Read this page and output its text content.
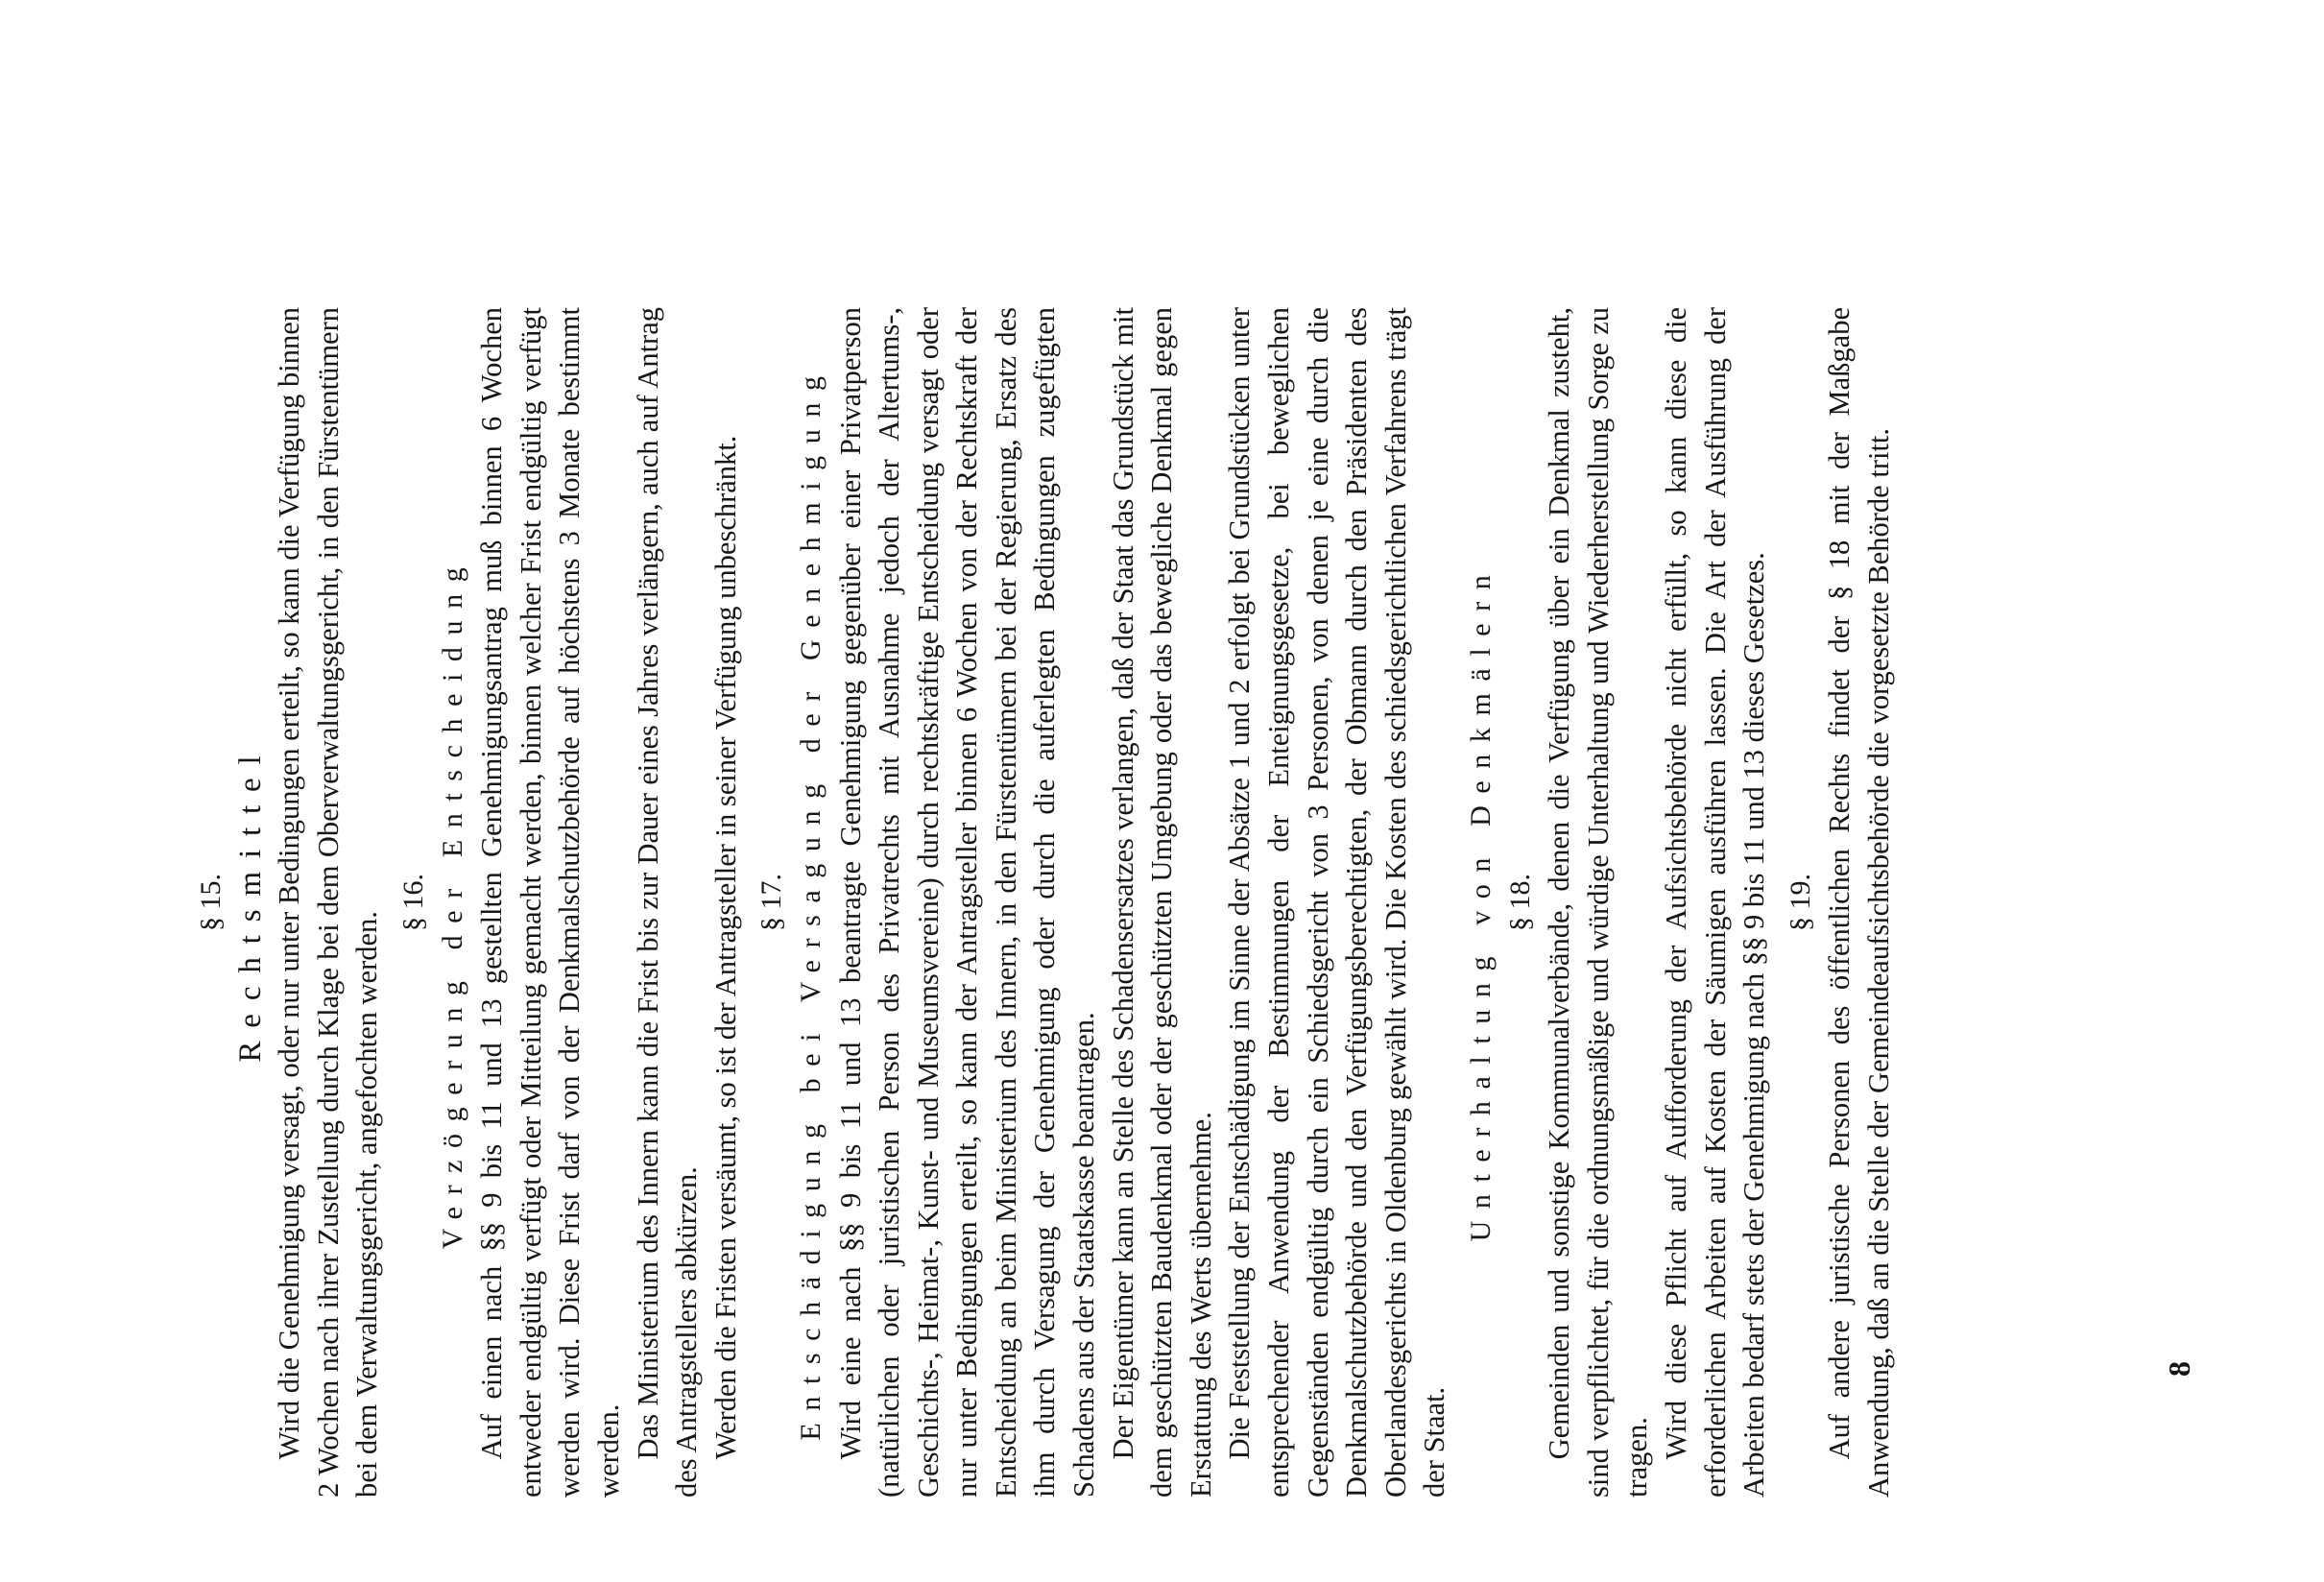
§ 15. Rechtsmittel Wird die Genehmigung versagt, oder nur unter Bedingungen erteilt, so kann die Verfügung binnen 2 Wochen nach ihrer Zustellung durch Klage bei dem Oberverwaltungsgericht, in den Fürstentümern bei dem Verwaltungsgericht, angefochten werden.

§ 16. Verzögerung der Entscheidung Auf einen nach §§ 9 bis 11 und 13 gestellten Genehmigungsantrag muß binnen 6 Wochen entweder endgültig verfügt oder Mitteilung gemacht werden, binnen welcher Frist endgültig verfügt werden wird. Diese Frist darf von der Denkmalschutzbehörde auf höchstens 3 Monate bestimmt werden. Das Ministerium des Innern kann die Frist bis zur Dauer eines Jahres verlängern, auch auf Antrag des Antragstellers abkürzen. Werden die Fristen versäumt, so ist der Antragsteller in seiner Verfügung unbeschränkt. § 17. Entschädigung bei Versagung der Genehmigung Wird eine nach §§ 9 bis 11 und 13 beantragte Genehmigung gegenüber einer Privatperson (natürlichen oder juristischen Person des Privatrechts mit Ausnahme jedoch der Altertums-, Geschichts-, Heimat-, Kunst- und Museumsvereine) durch rechtskräftige Entscheidung versagt oder nur unter Bedingungen erteilt, so kann der Antragsteller binnen 6 Wochen von der Rechtskraft der Entscheidung an beim Ministerium des Innern, in den Fürstentümern bei der Regierung, Ersatz des ihm durch Versagung der Genehmigung oder durch die auferlegten Bedingungen zugefügten Schadens aus der Staatskasse beantragen. Der Eigentümer kann an Stelle des Schadensersatzes verlangen, daß der Staat das Grundstück mit dem geschützten Baudenkmal oder der geschützten Umgebung oder das bewegliche Denkmal gegen Erstattung des Werts übernehme. Die Feststellung der Entschädigung im Sinne der Absätze 1 und 2 erfolgt bei Grundstücken unter entsprechender Anwendung der Bestimmungen der Enteignungsgesetze, bei beweglichen Gegenständen endgültig durch ein Schiedsgericht von 3 Personen, von denen je eine durch die Denkmalschutzbehörde und den Verfügungsberechtigten, der Obmann durch den Präsidenten des Oberlandesgerichts in Oldenburg gewählt wird. Die Kosten des schiedsgerichtlichen Verfahrens trägt der Staat.

Unterhaltung von Denkmälern § 18. Gemeinden und sonstige Kommunalverbände, denen die Verfügung über ein Denkmal zusteht, sind verpflichtet, für die ordnungsmäßige und würdige Unterhaltung und Wiederherstellung Sorge zu tragen. Wird diese Pflicht auf Aufforderung der Aufsichtsbehörde nicht erfüllt, so kann diese die erforderlichen Arbeiten auf Kosten der Säumigen ausführen lassen. Die Art der Ausführung der Arbeiten bedarf stets der Genehmigung nach §§ 9 bis 11 und 13 dieses Gesetzes. § 19. Auf andere juristische Personen des öffentlichen Rechts findet der § 18 mit der Maßgabe Anwendung, daß an die Stelle der Gemeindeaufsichtsbehörde die vorgesetzte Behörde tritt.	8
